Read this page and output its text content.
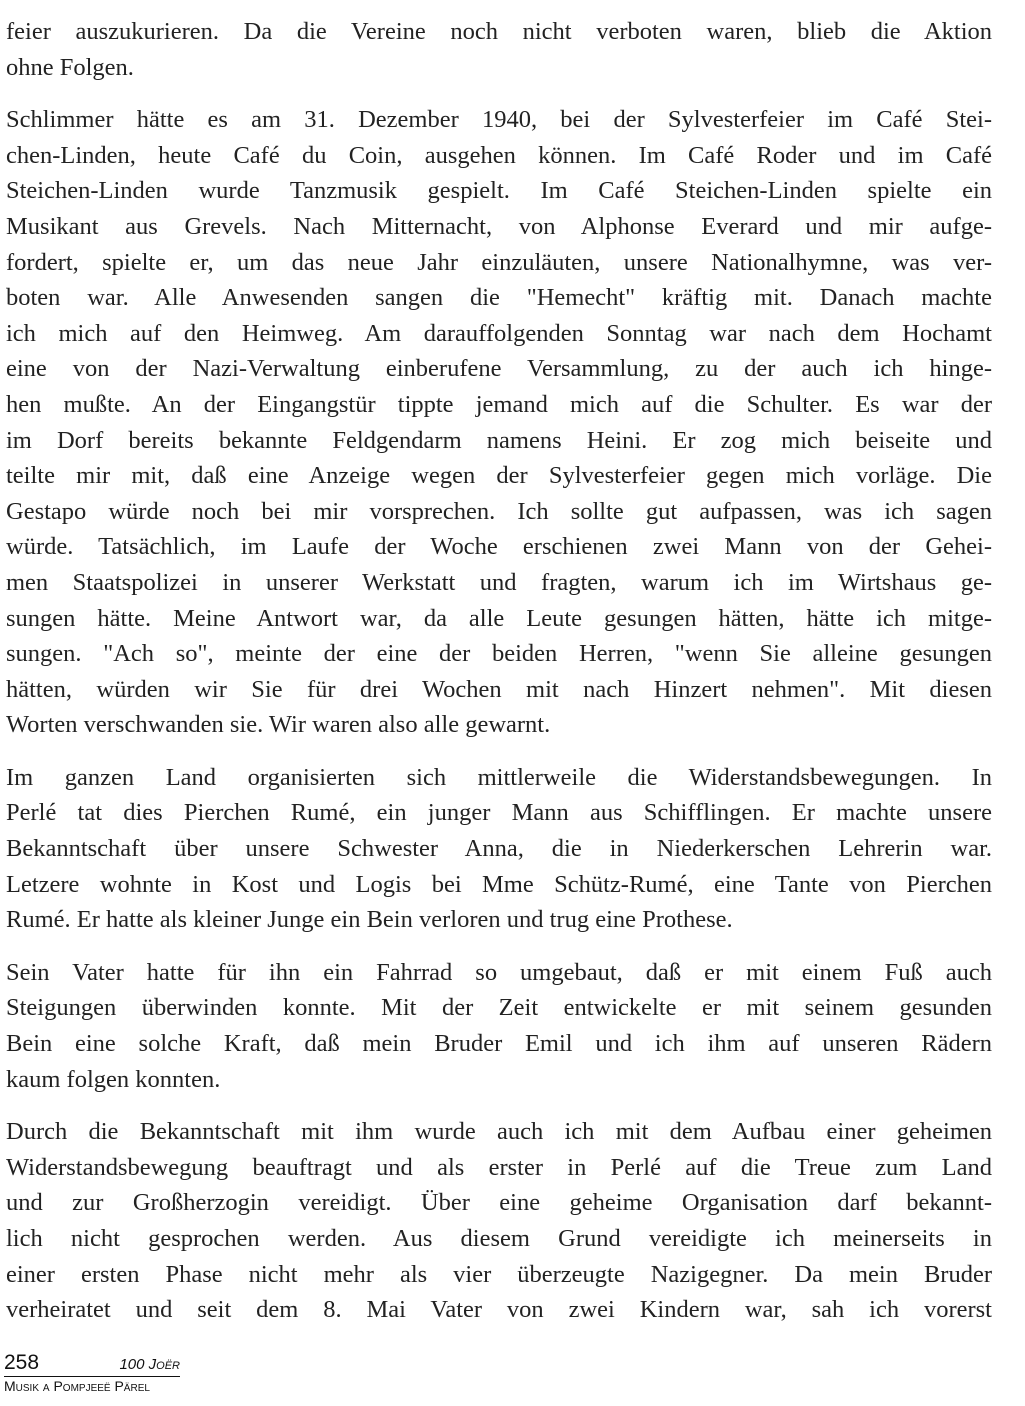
feier auszukurieren. Da die Vereine noch nicht verboten waren, blieb die Aktion
ohne Folgen.
Schlimmer hätte es am 31. Dezember 1940, bei der Sylvesterfeier im Café Stei-
chen-Linden, heute Café du Coin, ausgehen können. Im Café Roder und im Café
Steichen-Linden wurde Tanzmusik gespielt. Im Café Steichen-Linden spielte ein
Musikant aus Grevels. Nach Mitternacht, von Alphonse Everard und mir aufge-
fordert, spielte er, um das neue Jahr einzuläuten, unsere Nationalhymne, was ver-
boten war. Alle Anwesenden sangen die "Hemecht" kräftig mit. Danach machte
ich mich auf den Heimweg. Am darauffolgenden Sonntag war nach dem Hochamt
eine von der Nazi-Verwaltung einberufene Versammlung, zu der auch ich hinge-
hen mußte. An der Eingangstür tippte jemand mich auf die Schulter. Es war der
im Dorf bereits bekannte Feldgendarm namens Heini. Er zog mich beiseite und
teilte mir mit, daß eine Anzeige wegen der Sylvesterfeier gegen mich vorläge. Die
Gestapo würde noch bei mir vorsprechen. Ich sollte gut aufpassen, was ich sagen
würde. Tatsächlich, im Laufe der Woche erschienen zwei Mann von der Gehei-
men Staatspolizei in unserer Werkstatt und fragten, warum ich im Wirtshaus ge-
sungen hätte. Meine Antwort war, da alle Leute gesungen hätten, hätte ich mitge-
sungen. "Ach so", meinte der eine der beiden Herren, "wenn Sie alleine gesungen
hätten, würden wir Sie für drei Wochen mit nach Hinzert nehmen". Mit diesen
Worten verschwanden sie. Wir waren also alle gewarnt.
Im ganzen Land organisierten sich mittlerweile die Widerstandsbewegungen. In
Perlé tat dies Pierchen Rumé, ein junger Mann aus Schifflingen. Er machte unsere
Bekanntschaft über unsere Schwester Anna, die in Niederkerschen Lehrerin war.
Letzere wohnte in Kost und Logis bei Mme Schütz-Rumé, eine Tante von Pierchen
Rumé. Er hatte als kleiner Junge ein Bein verloren und trug eine Prothese.
Sein Vater hatte für ihn ein Fahrrad so umgebaut, daß er mit einem Fuß auch
Steigungen überwinden konnte. Mit der Zeit entwickelte er mit seinem gesunden
Bein eine solche Kraft, daß mein Bruder Emil und ich ihm auf unseren Rädern
kaum folgen konnten.
Durch die Bekanntschaft mit ihm wurde auch ich mit dem Aufbau einer geheimen
Widerstandsbewegung beauftragt und als erster in Perlé auf die Treue zum Land
und zur Großherzogin vereidigt. Über eine geheime Organisation darf bekannt-
lich nicht gesprochen werden. Aus diesem Grund vereidigte ich meinerseits in
einer ersten Phase nicht mehr als vier überzeugte Nazigegner. Da mein Bruder
verheiratet und seit dem 8. Mai Vater von zwei Kindern war, sah ich vorerst
258	100 Joër
Musik a Pompjeeë Pärel
